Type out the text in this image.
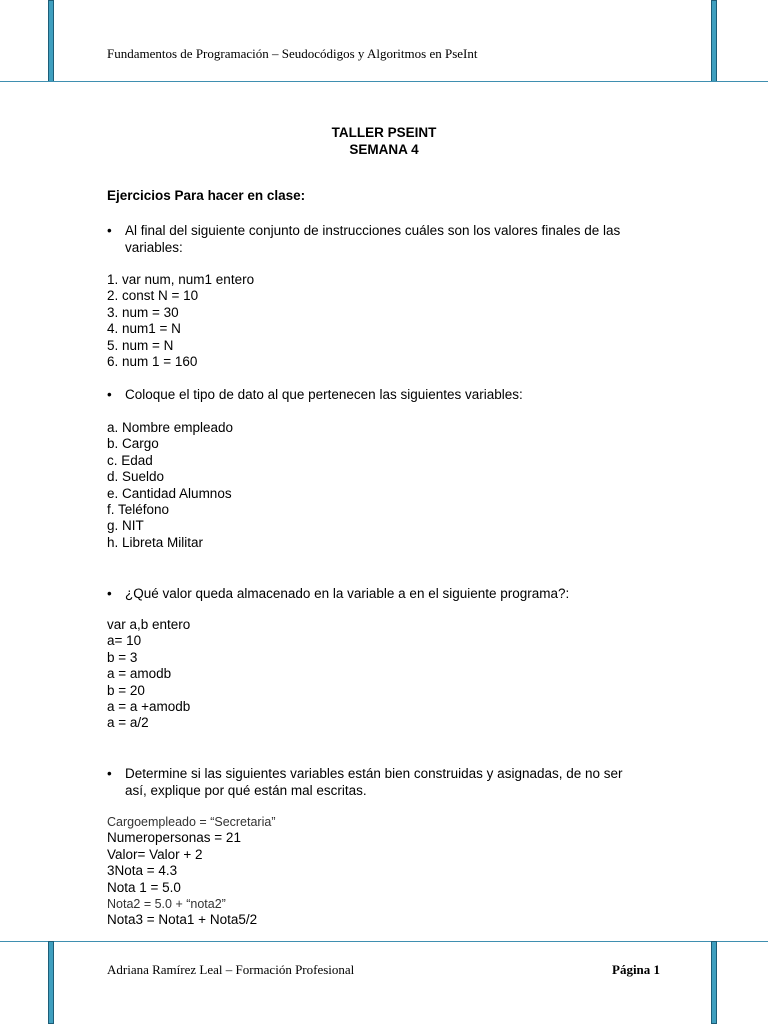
Fundamentos de Programación – Seudocódigos y Algoritmos en PseInt
TALLER PSEINT
SEMANA 4
Ejercicios Para hacer en clase:
• Al final del siguiente conjunto de instrucciones cuáles son los valores finales de las variables:
1. var num, num1 entero
2. const N = 10
3. num = 30
4. num1 = N
5. num = N
6. num 1 = 160
• Coloque el tipo de dato al que pertenecen las siguientes variables:
a. Nombre empleado
b. Cargo
c. Edad
d. Sueldo
e. Cantidad Alumnos
f. Teléfono
g. NIT
h. Libreta Militar
• ¿Qué valor queda almacenado en la variable a en el siguiente programa?:
var a,b entero
a= 10
b = 3
a = amodb
b = 20
a = a +amodb
a = a/2
• Determine si las siguientes variables están bien construidas y asignadas, de no ser así, explique por qué están mal escritas.
Cargoempleado = “Secretaria”
Numeropersonas = 21
Valor= Valor + 2
3Nota = 4.3
Nota 1 = 5.0
Nota2 = 5.0 + “nota2”
Nota3 = Nota1 + Nota5/2
Adriana Ramírez Leal – Formación Profesional	Página 1
